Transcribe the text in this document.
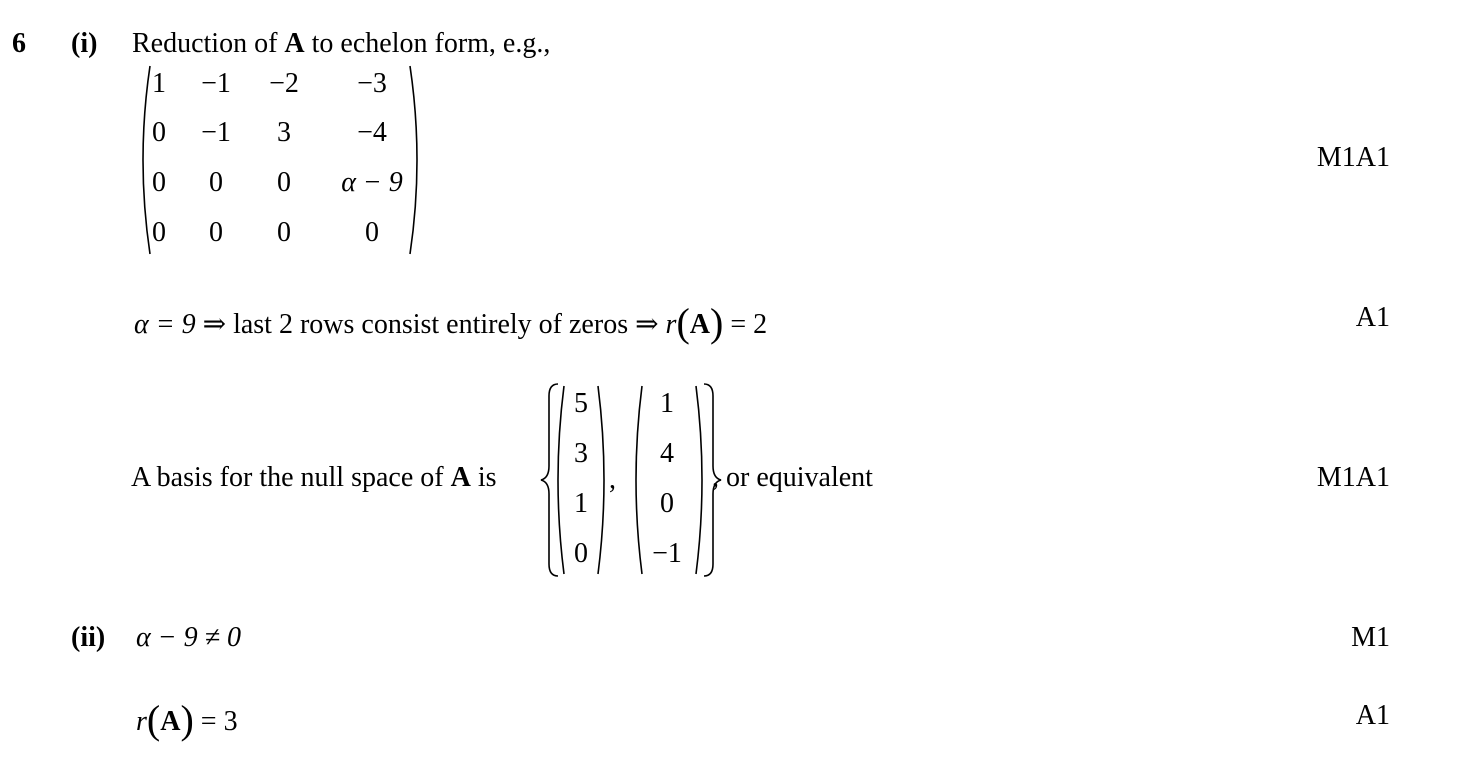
6 (i) Reduction of A to echelon form, e.g.,
1	−1	−2	−3
0	−1	3	−4
0	0	0	α − 9
0	0	0	0
M1A1
α = 9 ⇒ last 2 rows consist entirely of zeros ⇒ r(A) = 2	A1
A basis for the null space of A is
5
3
1
0
,
1
4
0
−1
, or equivalent	M1A1
(ii) α − 9 ≠ 0	M1
r(A) = 3	A1
